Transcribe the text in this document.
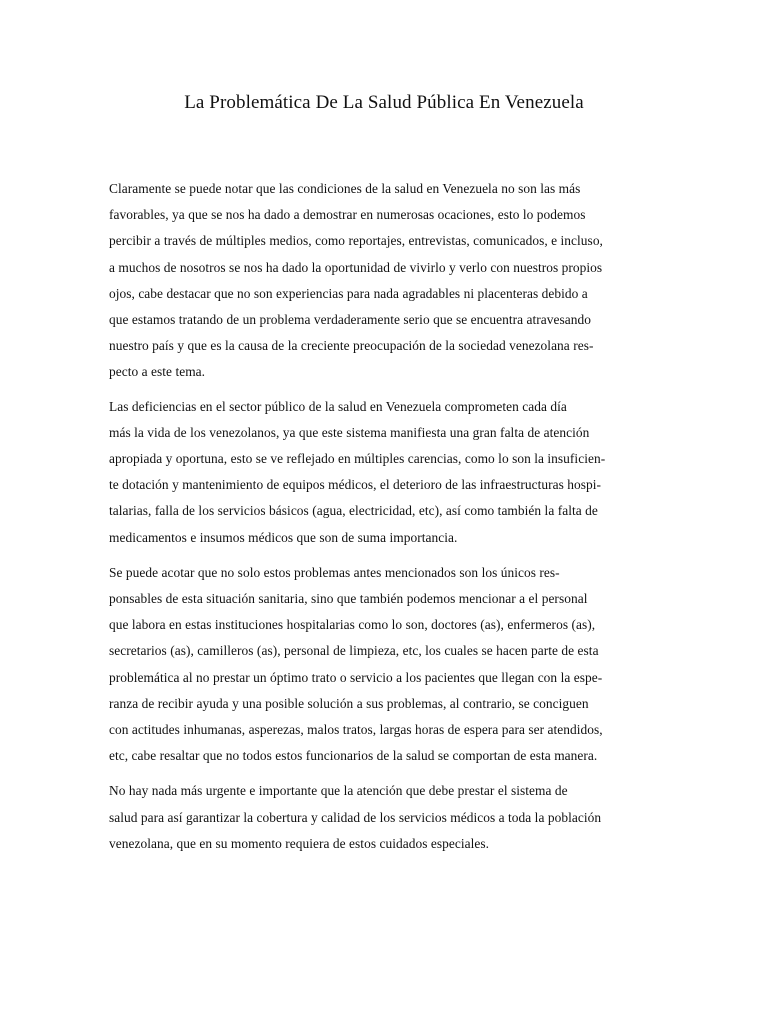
La Problemática De La Salud Pública En Venezuela

Claramente se puede notar que las condiciones de la salud en Venezuela no son las más
favorables, ya que se nos ha dado a demostrar en numerosas ocaciones, esto lo podemos
percibir a través de múltiples medios, como reportajes, entrevistas, comunicados, e incluso,
a muchos de nosotros se nos ha dado la oportunidad de vivirlo y verlo con nuestros propios
ojos, cabe destacar que no son experiencias para nada agradables ni placenteras debido a
que estamos tratando de un problema verdaderamente serio que se encuentra atravesando
nuestro país y que es la causa de la creciente preocupación de la sociedad venezolana res-
pecto a este tema.

Las deficiencias en el sector público de la salud en Venezuela comprometen cada día
más la vida de los venezolanos, ya que este sistema manifiesta una gran falta de atención
apropiada y oportuna, esto se ve reflejado en múltiples carencias, como lo son la insuficien-
te dotación y mantenimiento de equipos médicos, el deterioro de las infraestructuras hospi-
talarias, falla de los servicios básicos (agua, electricidad, etc), así como también la falta de
medicamentos e insumos médicos que son de suma importancia.

Se puede acotar que no solo estos problemas antes mencionados son los únicos res-
ponsables de esta situación sanitaria, sino que también podemos mencionar a el personal
que labora en estas instituciones hospitalarias como lo son, doctores (as), enfermeros (as),
secretarios (as), camilleros (as), personal de limpieza, etc, los cuales se hacen parte de esta
problemática al no prestar un óptimo trato o servicio a los pacientes que llegan con la espe-
ranza de recibir ayuda y una posible solución a sus problemas, al contrario, se conciguen
con actitudes inhumanas, asperezas, malos tratos, largas horas de espera para ser atendidos,
etc, cabe resaltar que no todos estos funcionarios de la salud se comportan de esta manera.

No hay nada más urgente e importante que la atención que debe prestar el sistema de
salud para así garantizar la cobertura y calidad de los servicios médicos a toda la población
venezolana, que en su momento requiera de estos cuidados especiales.
